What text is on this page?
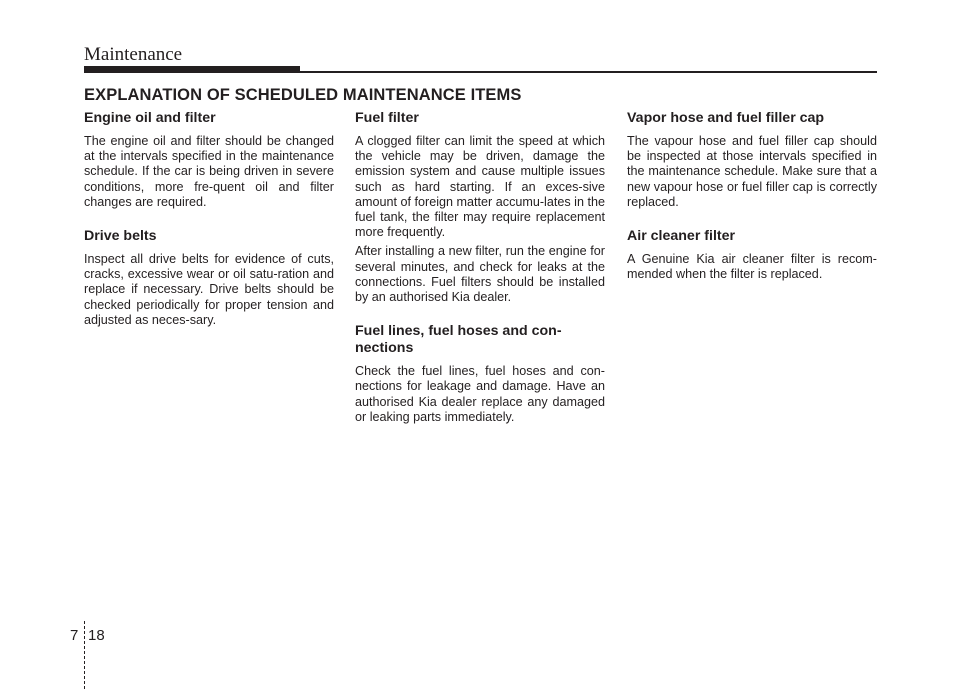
Maintenance
EXPLANATION OF SCHEDULED MAINTENANCE ITEMS
Engine oil and filter

The engine oil and filter should be changed at the intervals specified in the maintenance schedule. If the car is being driven in severe conditions, more fre-quent oil and filter changes are required.

Drive belts

Inspect all drive belts for evidence of cuts, cracks, excessive wear or oil satu-ration and replace if necessary. Drive belts should be checked periodically for proper tension and adjusted as neces-sary.

Fuel filter

A clogged filter can limit the speed at which the vehicle may be driven, damage the emission system and cause multiple issues such as hard starting. If an exces-sive amount of foreign matter accumu-lates in the fuel tank, the filter may require replacement more frequently.

After installing a new filter, run the engine for several minutes, and check for leaks at the connections. Fuel filters should be installed by an authorised Kia dealer.

Fuel lines, fuel hoses and con-nections

Check the fuel lines, fuel hoses and con-nections for leakage and damage. Have an authorised Kia dealer replace any damaged or leaking parts immediately.

Vapor hose and fuel filler cap

The vapour hose and fuel filler cap should be inspected at those intervals specified in the maintenance schedule. Make sure that a new vapour hose or fuel filler cap is correctly replaced.

Air cleaner filter

A Genuine Kia air cleaner filter is recom-mended when the filter is replaced.

7 18
